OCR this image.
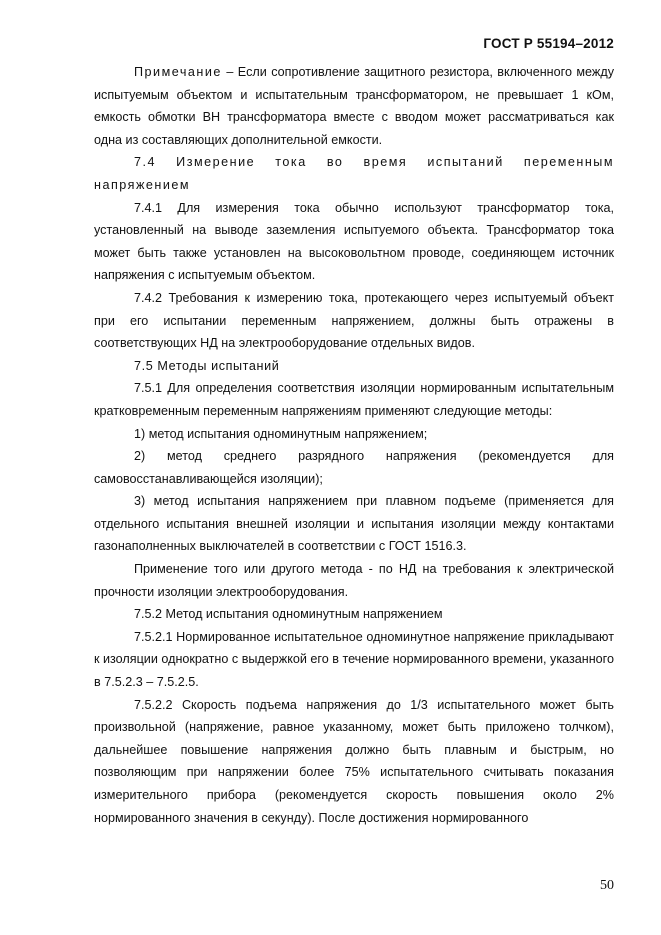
ГОСТ Р 55194–2012

Примечание – Если сопротивление защитного резистора, включенного между испытуемым объектом и испытательным трансформатором, не превышает 1 кОм, емкость обмотки ВН трансформатора вместе с вводом может рассматриваться как одна из составляющих дополнительной емкости.

7.4 Измерение тока во время испытаний переменным напряжением

7.4.1 Для измерения тока обычно используют трансформатор тока, установленный на выводе заземления испытуемого объекта. Трансформатор тока может быть также установлен на высоковольтном проводе, соединяющем источник напряжения с испытуемым объектом.

7.4.2 Требования к измерению тока, протекающего через испытуемый объект при его испытании переменным напряжением, должны быть отражены в соответствующих НД на электрооборудование отдельных видов.

7.5 Методы испытаний

7.5.1 Для определения соответствия изоляции нормированным испытательным кратковременным переменным напряжениям применяют следующие методы:

1) метод испытания одноминутным напряжением;

2) метод среднего разрядного напряжения (рекомендуется для самовосстанавливающейся изоляции);

3) метод испытания напряжением при плавном подъеме (применяется для отдельного испытания внешней изоляции и испытания изоляции между контактами газонаполненных выключателей в соответствии с ГОСТ 1516.3.

Применение того или другого метода - по НД на требования к электрической прочности изоляции электрооборудования.

7.5.2 Метод испытания одноминутным напряжением

7.5.2.1 Нормированное испытательное одноминутное напряжение прикладывают к изоляции однократно с выдержкой его в течение нормированного времени, указанного в 7.5.2.3 – 7.5.2.5.

7.5.2.2 Скорость подъема напряжения до 1/3 испытательного может быть произвольной (напряжение, равное указанному, может быть приложено толчком), дальнейшее повышение напряжения должно быть плавным и быстрым, но позволяющим при напряжении более 75% испытательного считывать показания измерительного прибора (рекомендуется скорость повышения около 2% нормированного значения в секунду). После достижения нормированного

50
